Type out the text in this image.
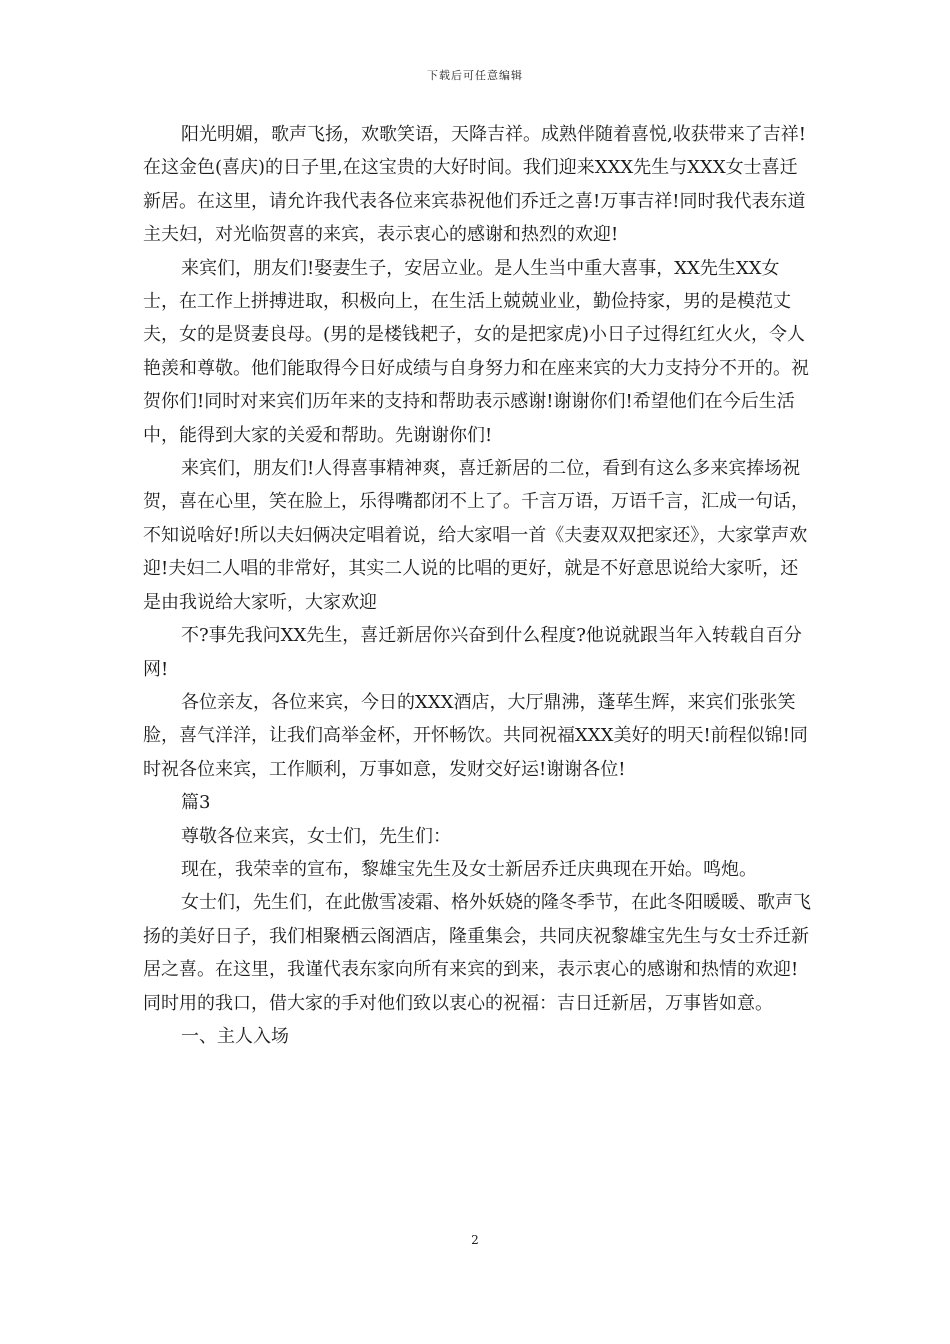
下载后可任意编辑

阳光明媚，歌声飞扬，欢歌笑语，天降吉祥。成熟伴随着喜悦,收获带来了吉祥!在这金色(喜庆)的日子里,在这宝贵的大好时间。我们迎来XXX先生与XXX女士喜迁新居。在这里，请允许我代表各位来宾恭祝他们乔迁之喜!万事吉祥!同时我代表东道主夫妇，对光临贺喜的来宾，表示衷心的感谢和热烈的欢迎!

来宾们，朋友们!娶妻生子，安居立业。是人生当中重大喜事，XX先生XX女士，在工作上拼搏进取，积极向上，在生活上兢兢业业，勤俭持家，男的是模范丈夫，女的是贤妻良母。(男的是楼钱耙子，女的是把家虎)小日子过得红红火火，令人艳羡和尊敬。他们能取得今日好成绩与自身努力和在座来宾的大力支持分不开的。祝贺你们!同时对来宾们历年来的支持和帮助表示感谢!谢谢你们!希望他们在今后生活中，能得到大家的关爱和帮助。先谢谢你们!

来宾们，朋友们!人得喜事精神爽，喜迁新居的二位，看到有这么多来宾捧场祝贺，喜在心里，笑在脸上，乐得嘴都闭不上了。千言万语，万语千言，汇成一句话，不知说啥好!所以夫妇俩决定唱着说，给大家唱一首《夫妻双双把家还》，大家掌声欢迎!夫妇二人唱的非常好，其实二人说的比唱的更好，就是不好意思说给大家听，还是由我说给大家听，大家欢迎

不?事先我问XX先生，喜迁新居你兴奋到什么程度?他说就跟当年入转载自百分网!

各位亲友，各位来宾，今日的XXX酒店，大厅鼎沸，蓬荜生辉，来宾们张张笑脸，喜气洋洋，让我们高举金杯，开怀畅饮。共同祝福XXX美好的明天!前程似锦!同时祝各位来宾，工作顺利，万事如意，发财交好运!谢谢各位!

篇3

尊敬各位来宾，女士们，先生们：

现在，我荣幸的宣布，黎雄宝先生及女士新居乔迁庆典现在开始。鸣炮。

女士们，先生们，在此傲雪凌霜、格外妖娆的隆冬季节，在此冬阳暖暖、歌声飞扬的美好日子，我们相聚栖云阁酒店，隆重集会，共同庆祝黎雄宝先生与女士乔迁新居之喜。在这里，我谨代表东家向所有来宾的到来，表示衷心的感谢和热情的欢迎!同时用的我口，借大家的手对他们致以衷心的祝福：吉日迁新居，万事皆如意。

一、主人入场

2
